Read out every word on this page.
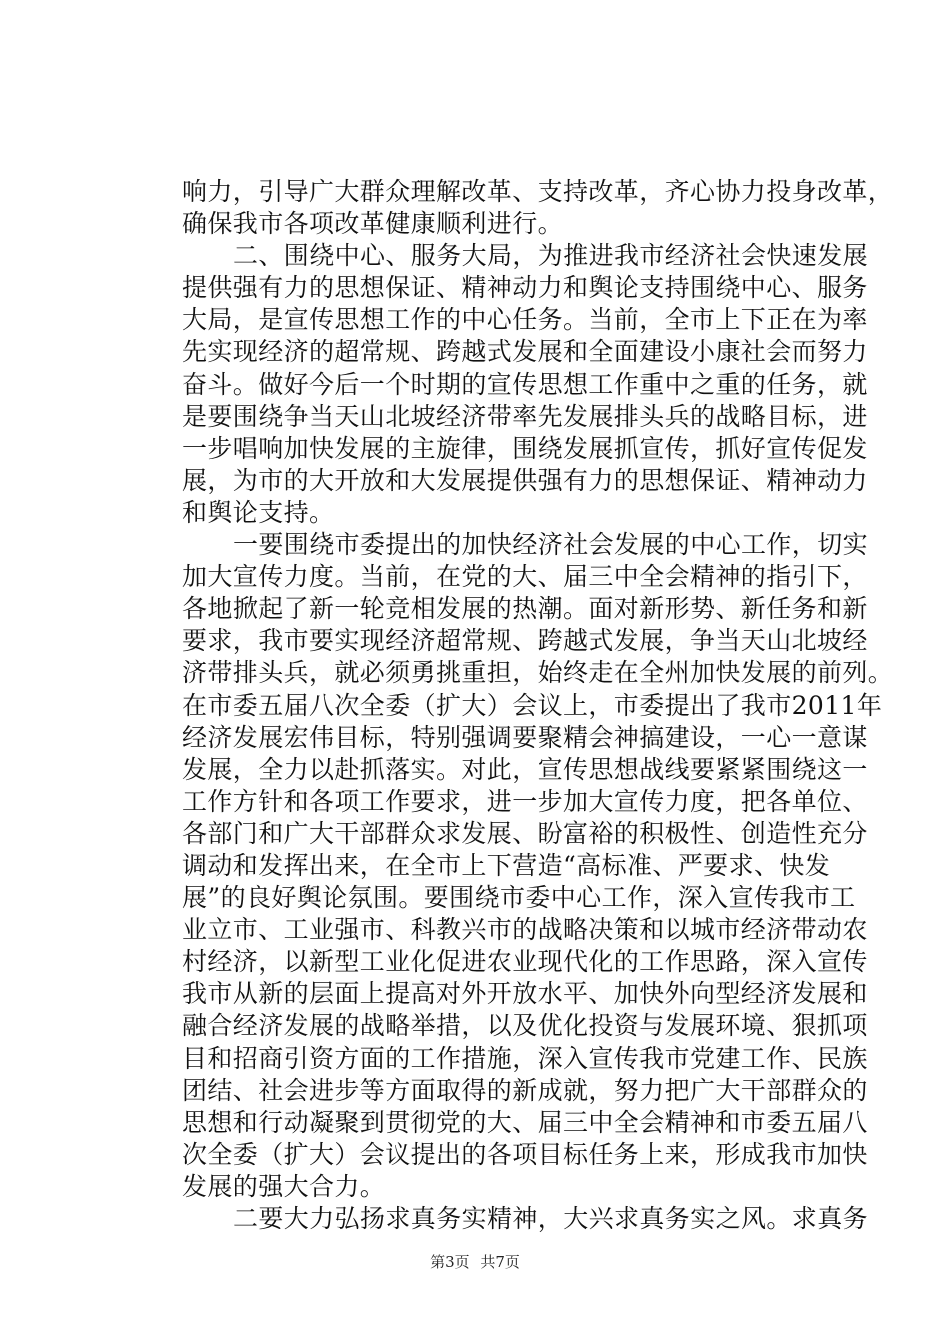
响力，引导广大群众理解改革、支持改革，齐心协力投身改革，
确保我市各项改革健康顺利进行。
二、围绕中心、服务大局，为推进我市经济社会快速发展
提供强有力的思想保证、精神动力和舆论支持围绕中心、服务
大局，是宣传思想工作的中心任务。当前，全市上下正在为率
先实现经济的超常规、跨越式发展和全面建设小康社会而努力
奋斗。做好今后一个时期的宣传思想工作重中之重的任务，就
是要围绕争当天山北坡经济带率先发展排头兵的战略目标，进
一步唱响加快发展的主旋律，围绕发展抓宣传，抓好宣传促发
展，为市的大开放和大发展提供强有力的思想保证、精神动力
和舆论支持。
一要围绕市委提出的加快经济社会发展的中心工作，切实
加大宣传力度。当前，在党的大、届三中全会精神的指引下，
各地掀起了新一轮竞相发展的热潮。面对新形势、新任务和新
要求，我市要实现经济超常规、跨越式发展，争当天山北坡经
济带排头兵，就必须勇挑重担，始终走在全州加快发展的前列。
在市委五届八次全委（扩大）会议上，市委提出了我市2011年
经济发展宏伟目标，特别强调要聚精会神搞建设，一心一意谋
发展，全力以赴抓落实。对此，宣传思想战线要紧紧围绕这一
工作方针和各项工作要求，进一步加大宣传力度，把各单位、
各部门和广大干部群众求发展、盼富裕的积极性、创造性充分
调动和发挥出来，在全市上下营造“高标准、严要求、快发
展”的良好舆论氛围。要围绕市委中心工作，深入宣传我市工
业立市、工业强市、科教兴市的战略决策和以城市经济带动农
村经济，以新型工业化促进农业现代化的工作思路，深入宣传
我市从新的层面上提高对外开放水平、加快外向型经济发展和
融合经济发展的战略举措，以及优化投资与发展环境、狠抓项
目和招商引资方面的工作措施，深入宣传我市党建工作、民族
团结、社会进步等方面取得的新成就，努力把广大干部群众的
思想和行动凝聚到贯彻党的大、届三中全会精神和市委五届八
次全委（扩大）会议提出的各项目标任务上来，形成我市加快
发展的强大合力。
二要大力弘扬求真务实精神，大兴求真务实之风。求真务
第3页 共7页
